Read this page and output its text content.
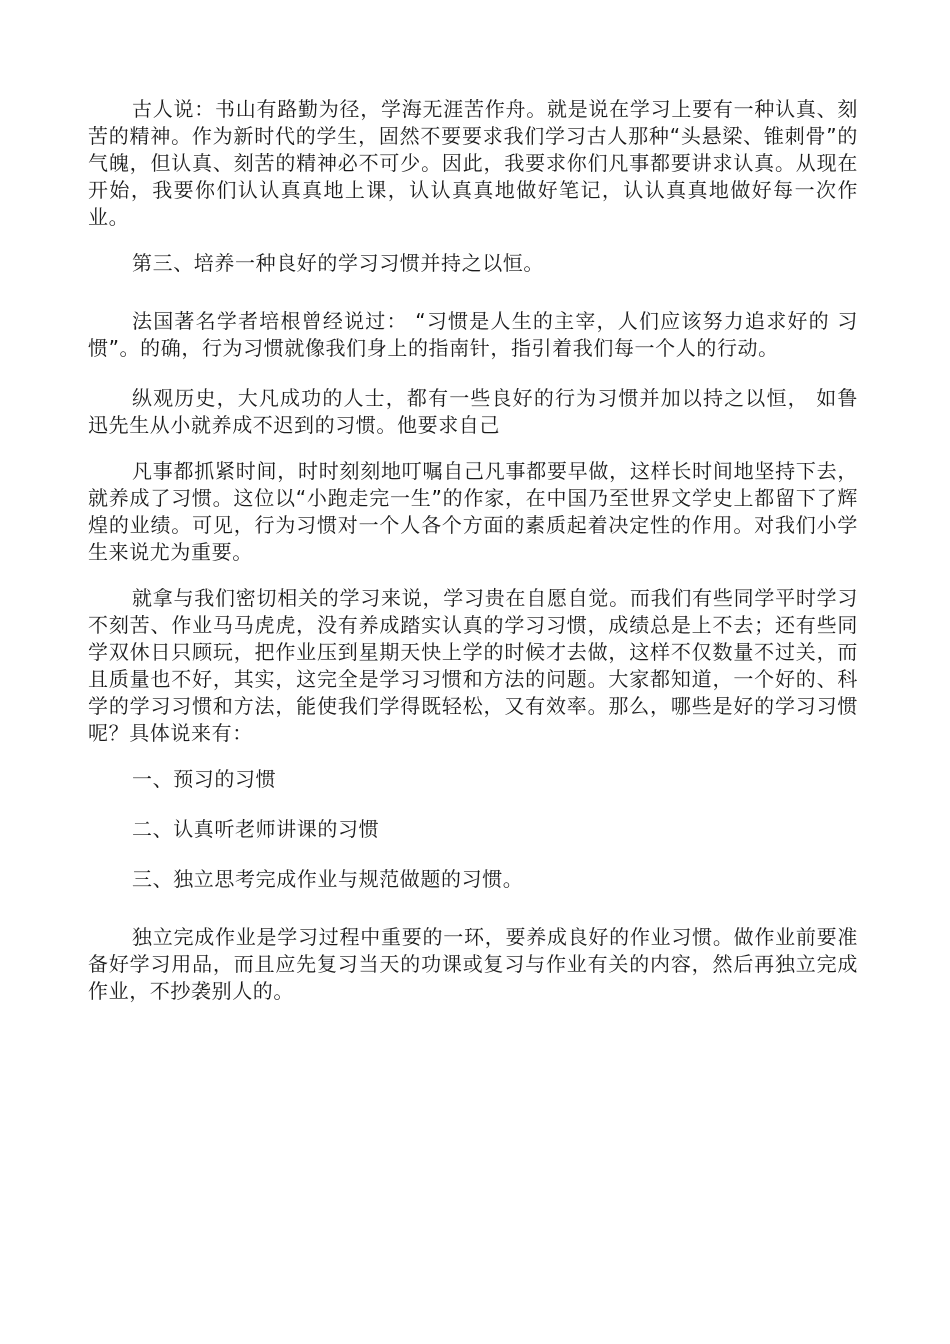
古人说：书山有路勤为径，学海无涯苦作舟。就是说在学习上要有一种认真、刻苦的精神。作为新时代的学生，固然不要要求我们学习古人那种“头悬梁、锥刺骨”的气魄，但认真、刻苦的精神必不可少。因此，我要求你们凡事都要讲求认真。从现在开始，我要你们认认真真地上课，认认真真地做好笔记，认认真真地做好每一次作业。

第三、培养一种良好的学习习惯并持之以恒。

法国著名学者培根曾经说过： “习惯是人生的主宰，人们应该努力追求好的 习惯”。的确，行为习惯就像我们身上的指南针，指引着我们每一个人的行动。

纵观历史，大凡成功的人士，都有一些良好的行为习惯并加以持之以恒， 如鲁迅先生从小就养成不迟到的习惯。他要求自己

凡事都抓紧时间，时时刻刻地叮嘱自己凡事都要早做，这样长时间地坚持下去，就养成了习惯。这位以“小跑走完一生”的作家，在中国乃至世界文学史上都留下了辉煌的业绩。可见，行为习惯对一个人各个方面的素质起着决定性的作用。对我们小学生来说尤为重要。

就拿与我们密切相关的学习来说，学习贵在自愿自觉。而我们有些同学平时学习不刻苦、作业马马虎虎，没有养成踏实认真的学习习惯，成绩总是上不去；还有些同学双休日只顾玩，把作业压到星期天快上学的时候才去做，这样不仅数量不过关，而且质量也不好，其实，这完全是学习习惯和方法的问题。大家都知道，一个好的、科学的学习习惯和方法，能使我们学得既轻松，又有效率。那么，哪些是好的学习习惯呢？具体说来有：

一、预习的习惯

二、认真听老师讲课的习惯

三、独立思考完成作业与规范做题的习惯。

独立完成作业是学习过程中重要的一环，要养成良好的作业习惯。做作业前要准备好学习用品，而且应先复习当天的功课或复习与作业有关的内容，然后再独立完成作业，不抄袭别人的。
